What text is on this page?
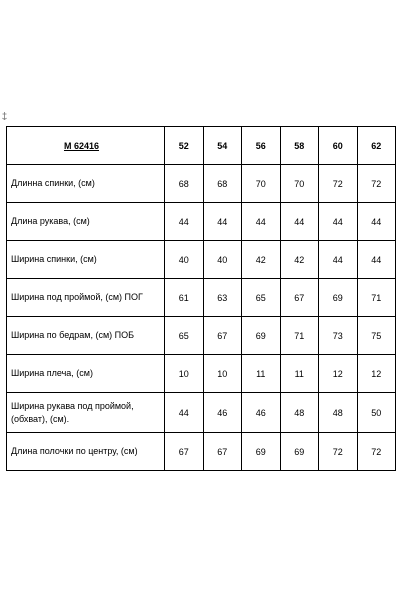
М 62416	52	54	56	58	60	62
Длинна спинки, (см)	68	68	70	70	72	72
Длина рукава, (см)	44	44	44	44	44	44
Ширина спинки, (см)	40	40	42	42	44	44
Ширина под проймой, (см) ПОГ	61	63	65	67	69	71
Ширина по бедрам, (см) ПОБ	65	67	69	71	73	75
Ширина плеча, (см)	10	10	11	11	12	12
Ширина рукава под проймой, (обхват), (см).	44	46	46	48	48	50
Длина полочки по центру, (см)	67	67	69	69	72	72
